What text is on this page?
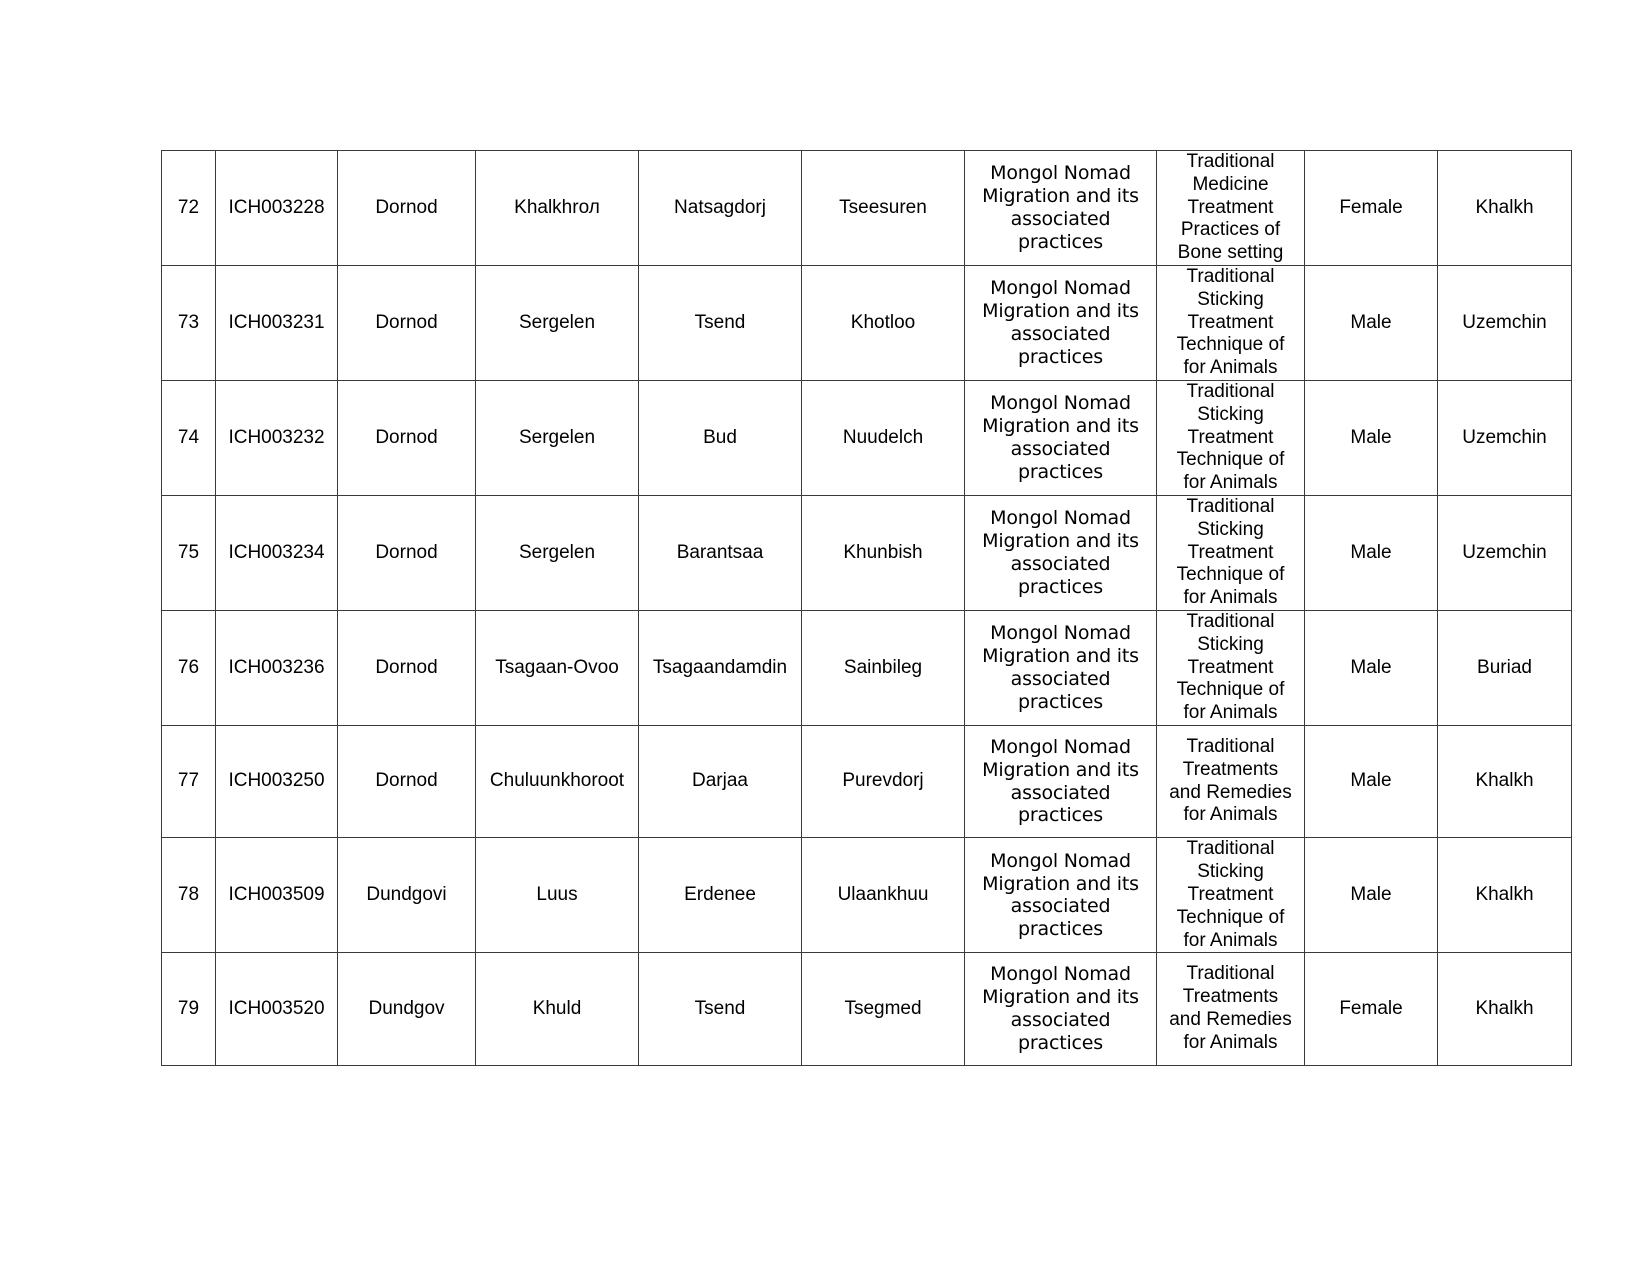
72	ICH003228	Dornod	Khalkhrол	Natsagdorj	Tseesuren	Mongol Nomad Migration and its associated practices	Traditional Medicine Treatment Practices of Bone setting	Female	Khalkh
73	ICH003231	Dornod	Sergelen	Tsend	Khotloo	Mongol Nomad Migration and its associated practices	Traditional Sticking Treatment Technique of for Animals	Male	Uzemchin
74	ICH003232	Dornod	Sergelen	Bud	Nuudelch	Mongol Nomad Migration and its associated practices	Traditional Sticking Treatment Technique of for Animals	Male	Uzemchin
75	ICH003234	Dornod	Sergelen	Barantsaa	Khunbish	Mongol Nomad Migration and its associated practices	Traditional Sticking Treatment Technique of for Animals	Male	Uzemchin
76	ICH003236	Dornod	Tsagaan-Ovoo	Tsagaandamdin	Sainbileg	Mongol Nomad Migration and its associated practices	Traditional Sticking Treatment Technique of for Animals	Male	Buriad
77	ICH003250	Dornod	Chuluunkhoroot	Darjaa	Purevdorj	Mongol Nomad Migration and its associated practices	Traditional Treatments and Remedies for Animals	Male	Khalkh
78	ICH003509	Dundgovi	Luus	Erdenee	Ulaankhuu	Mongol Nomad Migration and its associated practices	Traditional Sticking Treatment Technique of for Animals	Male	Khalkh
79	ICH003520	Dundgov	Khuld	Tsend	Tsegmed	Mongol Nomad Migration and its associated practices	Traditional Treatments and Remedies for Animals	Female	Khalkh
